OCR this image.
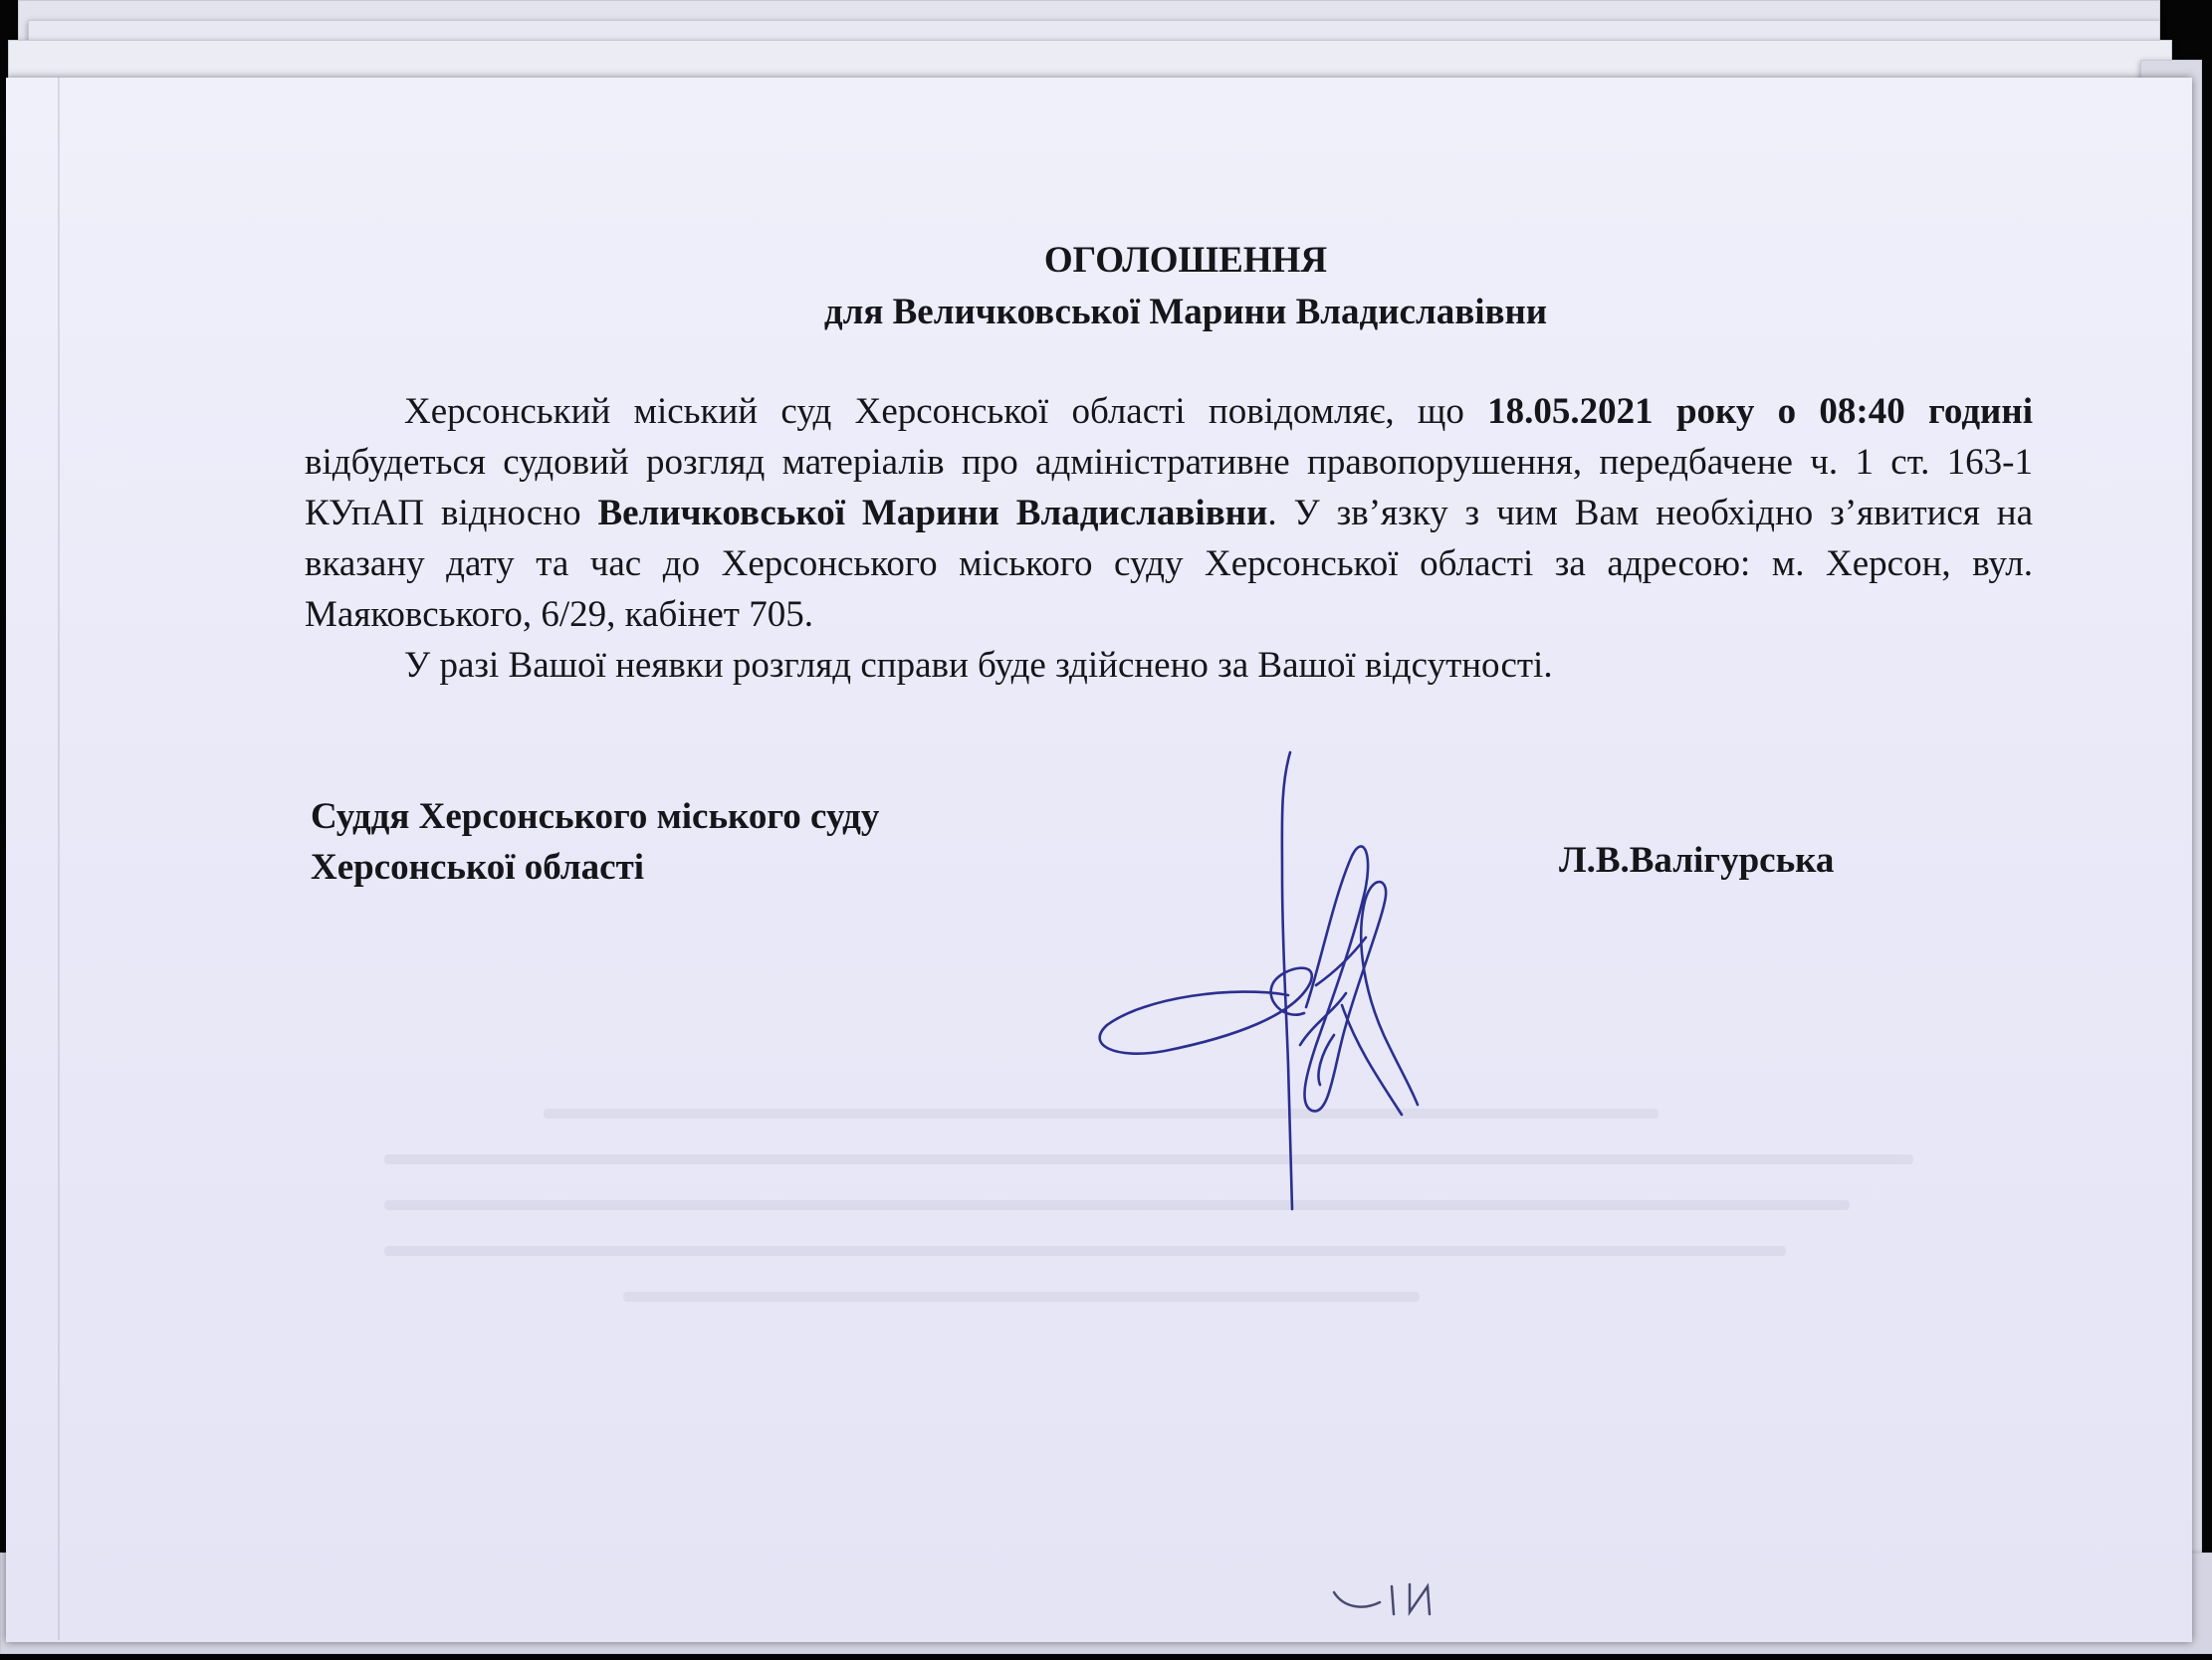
ОГОЛОШЕННЯ
для Величковської Марини Владиславівни

Херсонський міський суд Херсонської області повідомляє, що 18.05.2021 року о 08:40 годині відбудеться судовий розгляд матеріалів про адміністративне правопорушення, передбачене ч. 1 ст. 163-1 КУпАП відносно Величковської Марини Владиславівни. У зв’язку з чим Вам необхідно з’явитися на вказану дату та час до Херсонського міського суду Херсонської області за адресою: м. Херсон, вул. Маяковського, 6/29, кабінет 705.

У разі Вашої неявки розгляд справи буде здійснено за Вашої відсутності.

Суддя Херсонського міського суду
Херсонської області	Л.В.Валігурська
